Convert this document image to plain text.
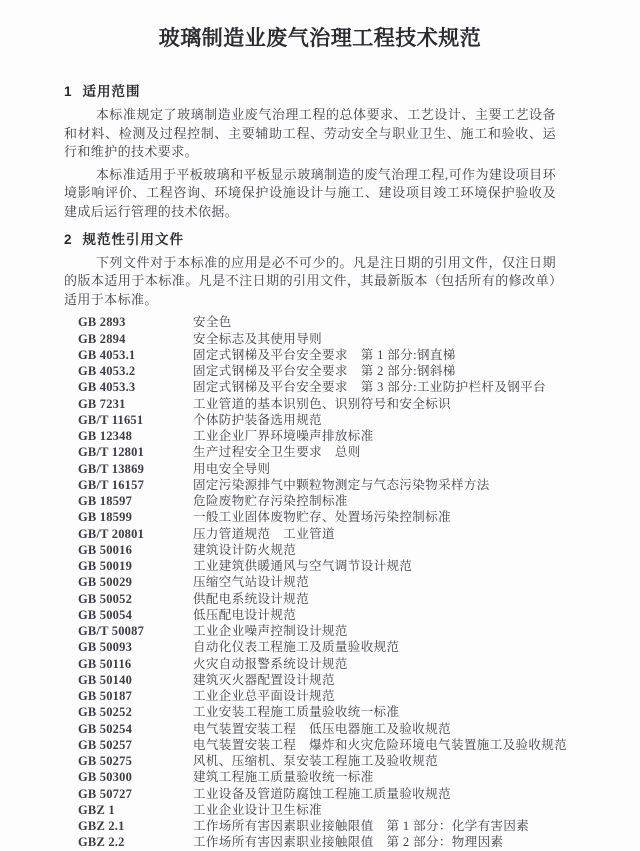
玻璃制造业废气治理工程技术规范
1 适用范围

本标准规定了玻璃制造业废气治理工程的总体要求、工艺设计、主要工艺设备和材料、检测及过程控制、主要辅助工程、劳动安全与职业卫生、施工和验收、运行和维护的技术要求。

本标准适用于平板玻璃和平板显示玻璃制造的废气治理工程,可作为建设项目环境影响评价、工程咨询、环境保护设施设计与施工、建设项目竣工环境保护验收及建成后运行管理的技术依据。

2 规范性引用文件

下列文件对于本标准的应用是必不可少的。凡是注日期的引用文件，仅注日期的版本适用于本标准。凡是不注日期的引用文件，其最新版本（包括所有的修改单）适用于本标准。

GB 2893	安全色
GB 2894	安全标志及其使用导则
GB 4053.1	固定式钢梯及平台安全要求　第 1 部分:钢直梯
GB 4053.2	固定式钢梯及平台安全要求　第 2 部分:钢斜梯
GB 4053.3	固定式钢梯及平台安全要求　第 3 部分:工业防护栏杆及钢平台
GB 7231	工业管道的基本识别色、识别符号和安全标识
GB/T 11651	个体防护装备选用规范
GB 12348	工业企业厂界环境噪声排放标准
GB/T 12801	生产过程安全卫生要求　总则
GB/T 13869	用电安全导则
GB/T 16157	固定污染源排气中颗粒物测定与气态污染物采样方法
GB 18597	危险废物贮存污染控制标准
GB 18599	一般工业固体废物贮存、处置场污染控制标准
GB/T 20801	压力管道规范　工业管道
GB 50016	建筑设计防火规范
GB 50019	工业建筑供暖通风与空气调节设计规范
GB 50029	压缩空气站设计规范
GB 50052	供配电系统设计规范
GB 50054	低压配电设计规范
GB/T 50087	工业企业噪声控制设计规范
GB 50093	自动化仪表工程施工及质量验收规范
GB 50116	火灾自动报警系统设计规范
GB 50140	建筑灭火器配置设计规范
GB 50187	工业企业总平面设计规范
GB 50252	工业安装工程施工质量验收统一标准
GB 50254	电气装置安装工程　低压电器施工及验收规范
GB 50257	电气装置安装工程　爆炸和火灾危险环境电气装置施工及验收规范
GB 50275	风机、压缩机、泵安装工程施工及验收规范
GB 50300	建筑工程施工质量验收统一标准
GB 50727	工业设备及管道防腐蚀工程施工质量验收规范
GBZ 1	工业企业设计卫生标准
GBZ 2.1	工作场所有害因素职业接触限值　第 1 部分：化学有害因素
GBZ 2.2	工作场所有害因素职业接触限值　第 2 部分：物理因素
